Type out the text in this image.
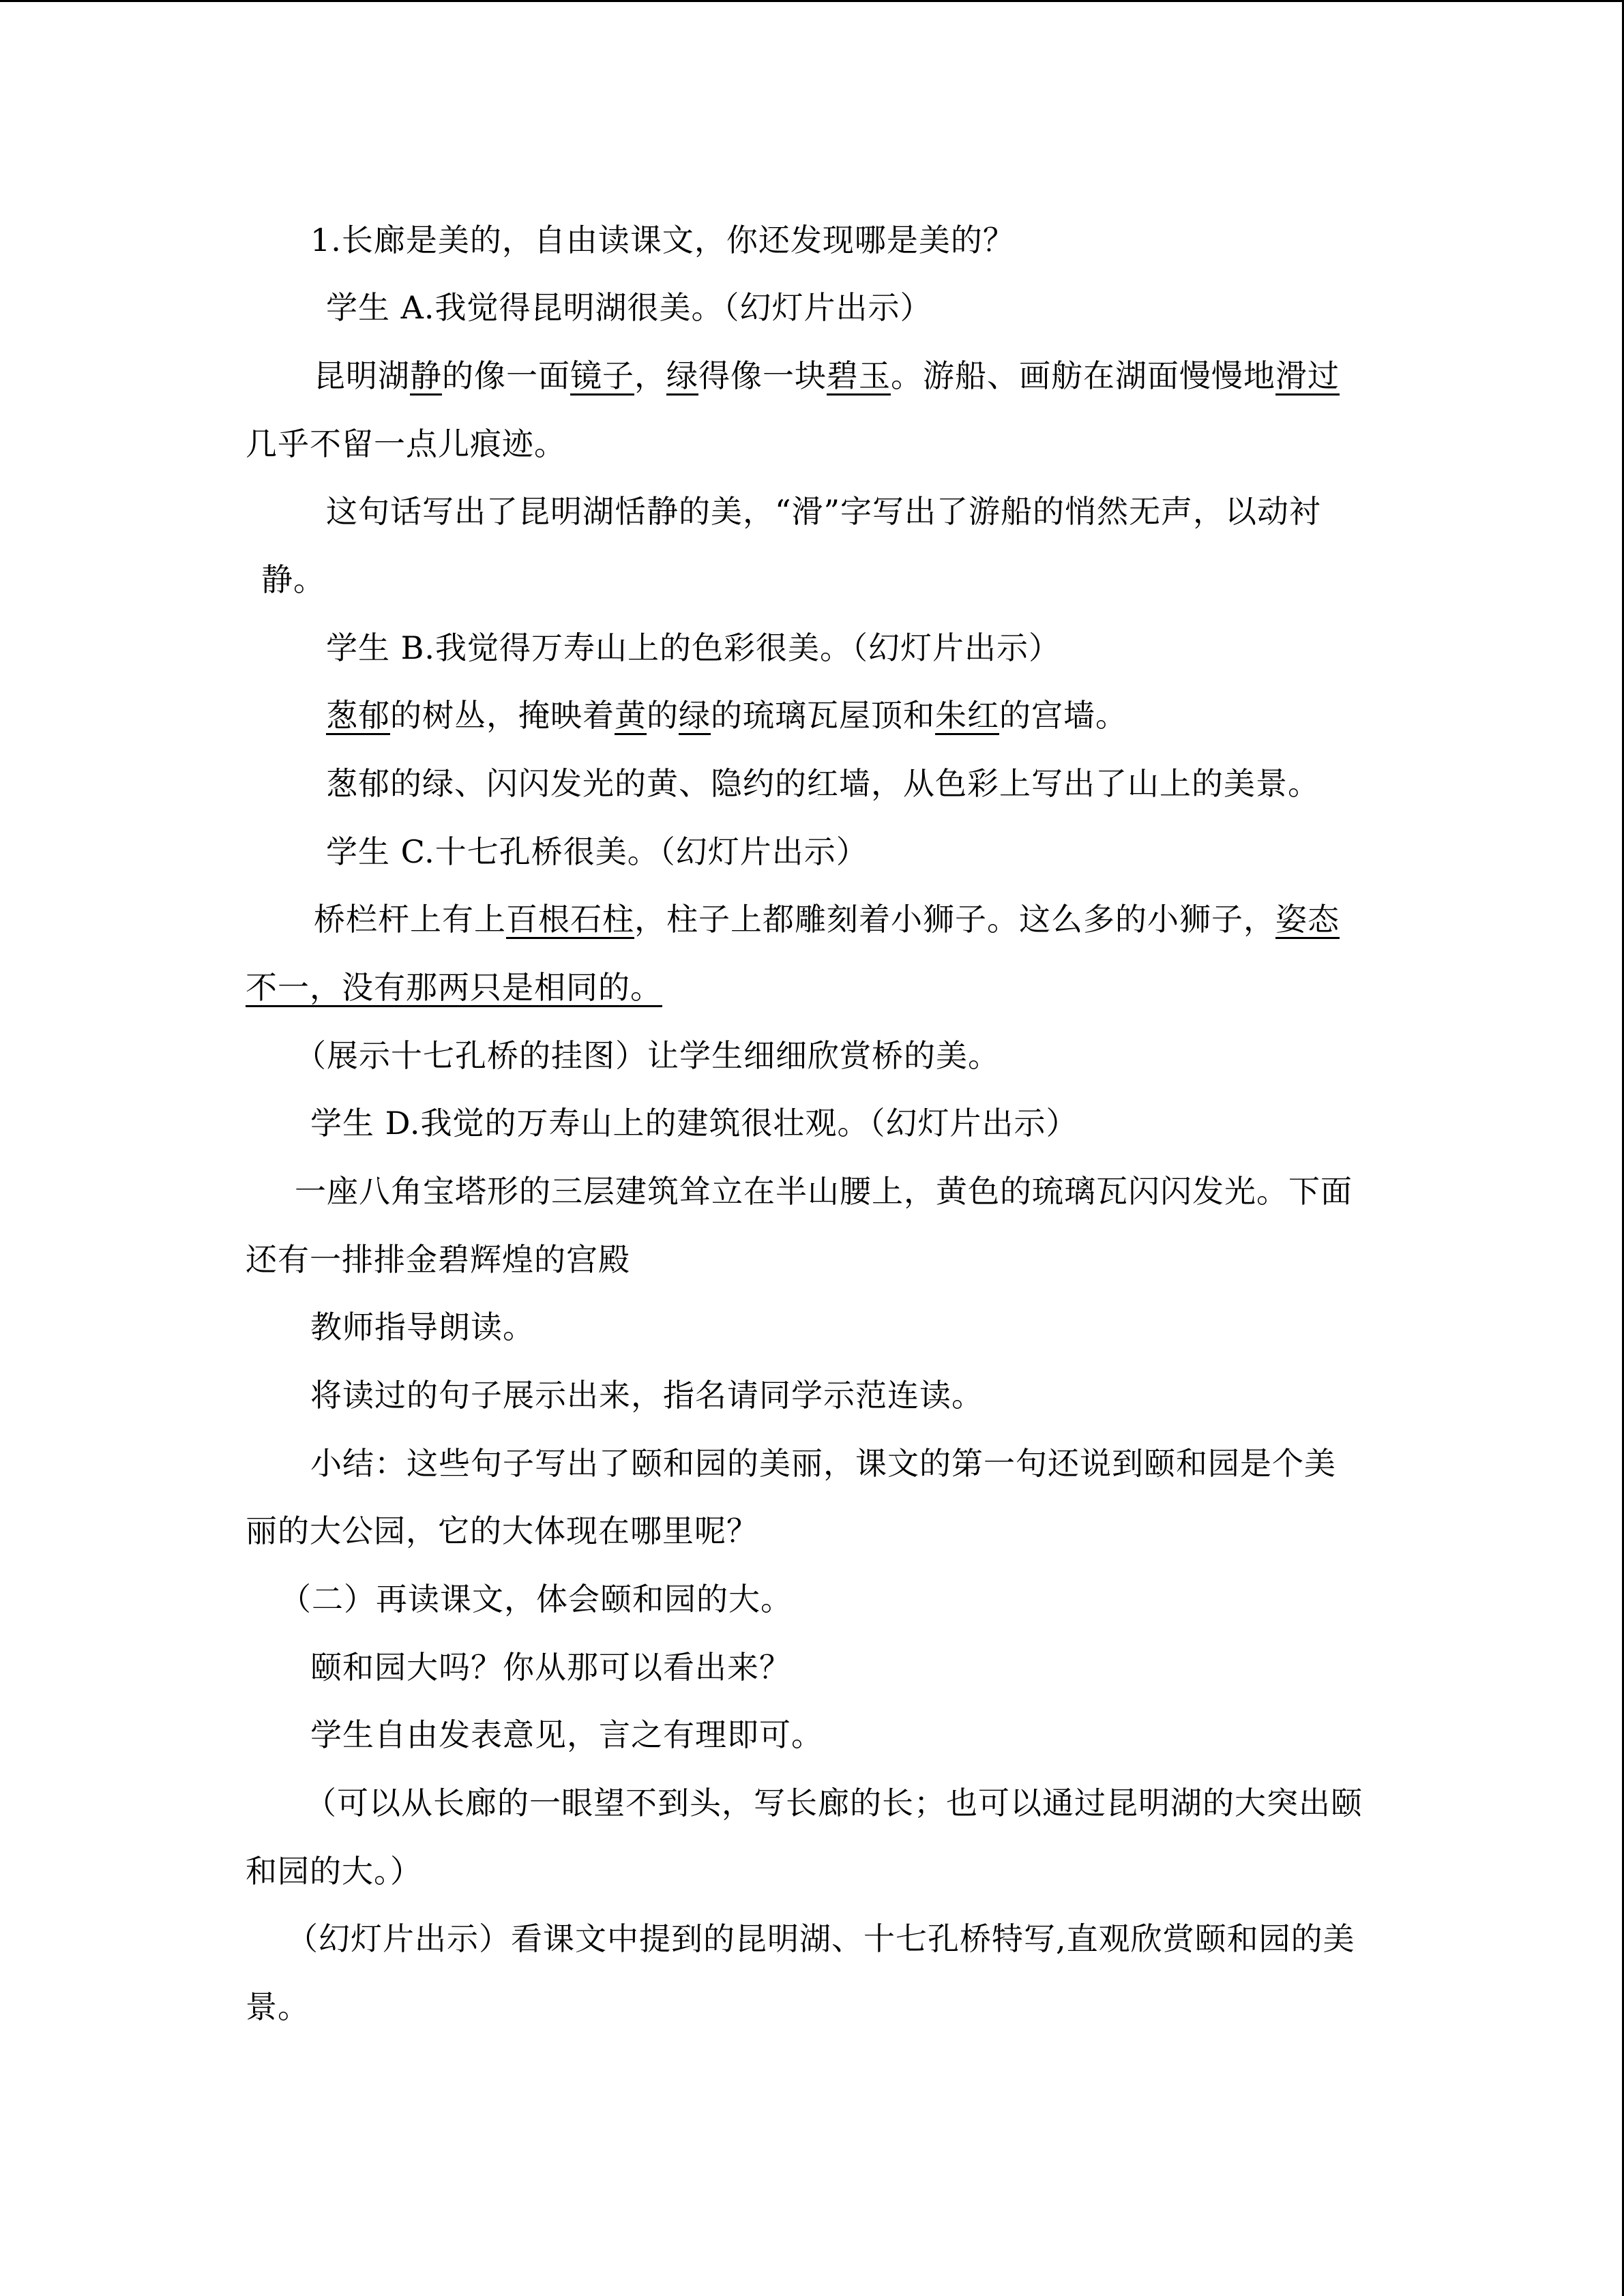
1.长廊是美的，自由读课文，你还发现哪是美的？
学生 A.我觉得昆明湖很美。（幻灯片出示）
昆明湖静的像一面镜子，绿得像一块碧玉。游船、画舫在湖面慢慢地滑过
几乎不留一点儿痕迹。
这句话写出了昆明湖恬静的美，“滑”字写出了游船的悄然无声，以动衬
静。
学生 B.我觉得万寿山上的色彩很美。（幻灯片出示）
葱郁的树丛，掩映着黄的绿的琉璃瓦屋顶和朱红的宫墙。
葱郁的绿、闪闪发光的黄、隐约的红墙，从色彩上写出了山上的美景。
学生 C.十七孔桥很美。（幻灯片出示）
桥栏杆上有上百根石柱，柱子上都雕刻着小狮子。这么多的小狮子，姿态
不一，没有那两只是相同的。
（展示十七孔桥的挂图）让学生细细欣赏桥的美。
学生 D.我觉的万寿山上的建筑很壮观。（幻灯片出示）
一座八角宝塔形的三层建筑耸立在半山腰上，黄色的琉璃瓦闪闪发光。下面
还有一排排金碧辉煌的宫殿
教师指导朗读。
将读过的句子展示出来，指名请同学示范连读。
小结：这些句子写出了颐和园的美丽，课文的第一句还说到颐和园是个美
丽的大公园，它的大体现在哪里呢？
（二）再读课文，体会颐和园的大。
颐和园大吗？你从那可以看出来？
学生自由发表意见，言之有理即可。
（可以从长廊的一眼望不到头，写长廊的长；也可以通过昆明湖的大突出颐
和园的大。）
（幻灯片出示）看课文中提到的昆明湖、十七孔桥特写,直观欣赏颐和园的美
景。
